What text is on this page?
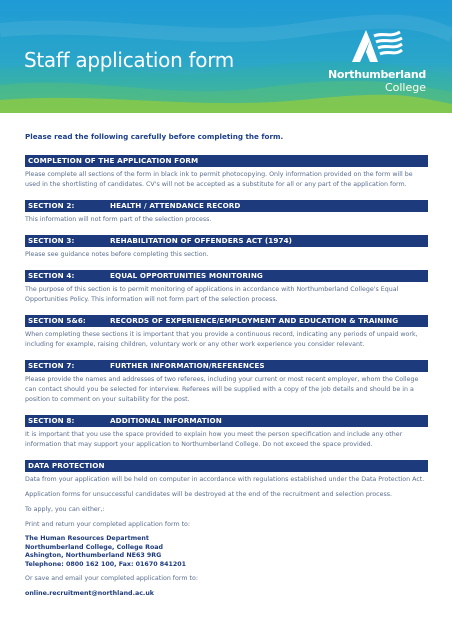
Staff application form
Northumberland
College

Please read the following carefully before completing the form.

COMPLETION OF THE APPLICATION FORM

Please complete all sections of the form in black ink to permit photocopying. Only information provided on the form will be used in the shortlisting of candidates. CV's will not be accepted as a substitute for all or any part of the application form.

SECTION 2:	HEALTH / ATTENDANCE RECORD

This information will not form part of the selection process.

SECTION 3:	REHABILITATION OF OFFENDERS ACT (1974)

Please see guidance notes before completing this section.

SECTION 4:	EQUAL OPPORTUNITIES MONITORING

The purpose of this section is to permit monitoring of applications in accordance with Northumberland College's Equal Opportunities Policy. This information will not form part of the selection process.

SECTION 5&6:	RECORDS OF EXPERIENCE/EMPLOYMENT AND EDUCATION & TRAINING

When completing these sections it is important that you provide a continuous record, indicating any periods of unpaid work, including for example, raising children, voluntary work or any other work experience you consider relevant.

SECTION 7:	FURTHER INFORMATION/REFERENCES

Please provide the names and addresses of two referees, including your current or most recent employer, whom the College can contact should you be selected for interview. Referees will be supplied with a copy of the job details and should be in a position to comment on your suitability for the post.

SECTION 8:	ADDITIONAL INFORMATION

It is important that you use the space provided to explain how you meet the person specification and include any other information that may support your application to Northumberland College. Do not exceed the space provided.

DATA PROTECTION

Data from your application will be held on computer in accordance with regulations established under the Data Protection Act.

Application forms for unsuccessful candidates will be destroyed at the end of the recruitment and selection process.

To apply, you can either,:

Print and return your completed application form to:

The Human Resources Department
Northumberland College, College Road
Ashington, Northumberland NE63 9RG
Telephone: 0800 162 100, Fax: 01670 841201

Or save and email your completed application form to:

online.recruitment@northland.ac.uk
